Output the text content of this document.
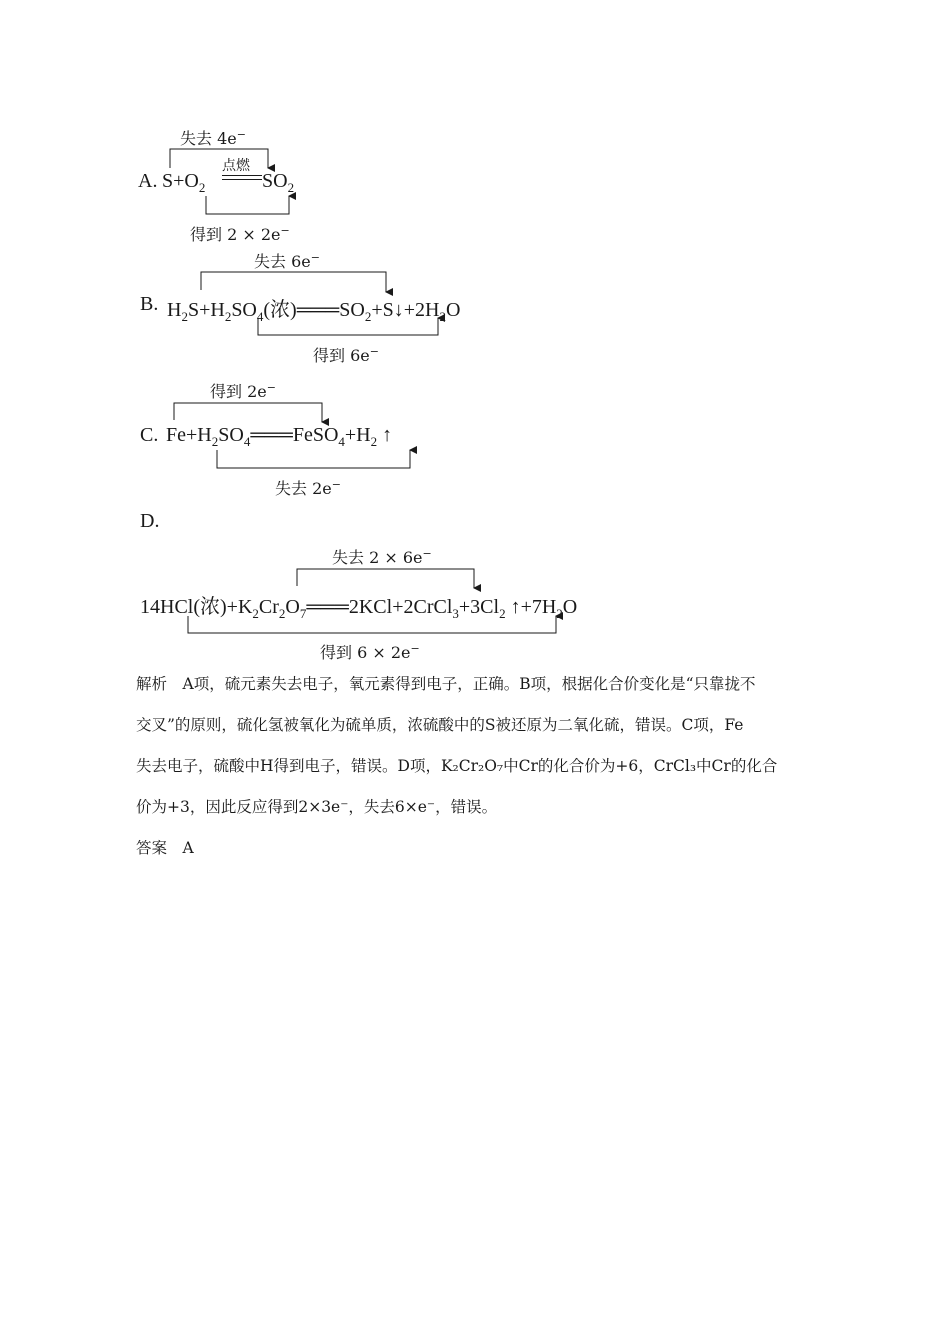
失去 4e−
点燃
A. $S+O_2$	$SO_2$
得到 2 × 2e−
失去 6e−
B. $H_2S+H_2SO_4$(浓)$═══SO_2+S↓+2H_2O$
得到 6e−
得到 2e−
C. $Fe+H_2SO_4═══FeSO_4+H_2$ ↑
失去 2e−
D.
失去 2 × 6e−
14HCl(浓)$+K_2Cr_2O_7═══2KCl+2CrCl_3+3Cl_2$ $↑+7H_2O$
得到 6 × 2e−
解析　A项，硫元素失去电子，氧元素得到电子，正确。B项，根据化合价变化是“只靠拢不
交叉”的原则，硫化氢被氧化为硫单质，浓硫酸中的S被还原为二氧化硫，错误。C项，Fe
失去电子，硫酸中H得到电子，错误。D项，K₂Cr₂O₇中Cr的化合价为+6，CrCl₃中Cr的化合
价为+3，因此反应得到2×3e⁻，失去6×e⁻，错误。
答案　A
